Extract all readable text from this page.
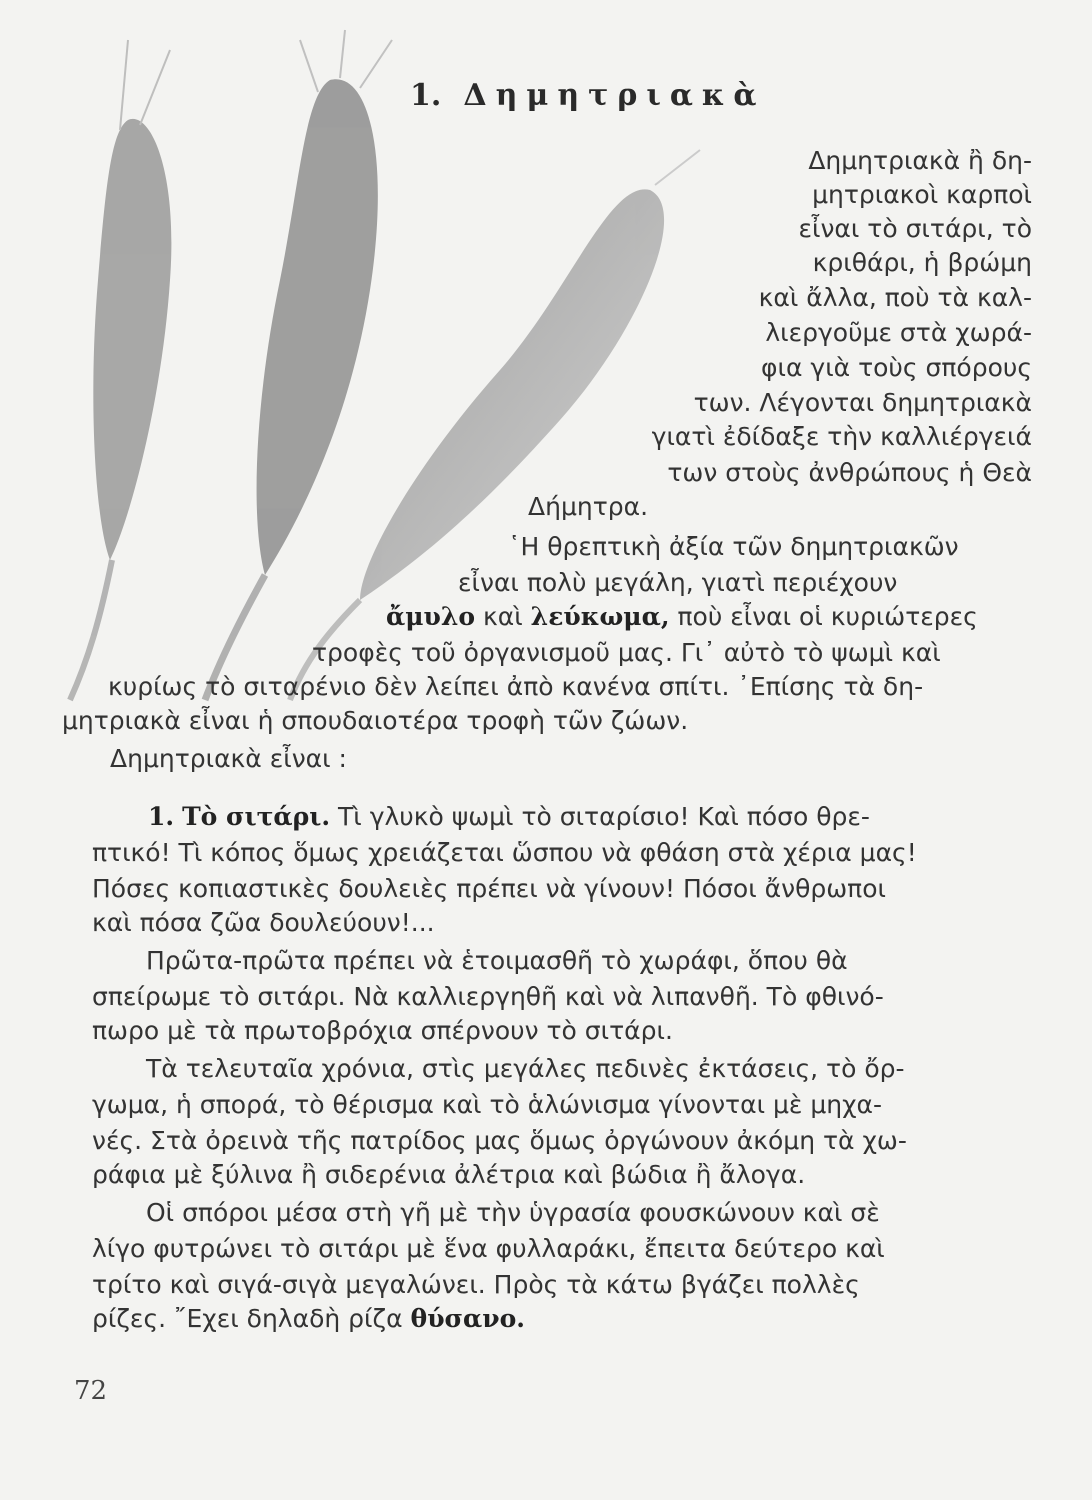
1. Δημητριακὰ
Δημητριακὰ ἢ δη-
μητριακοὶ καρποὶ
εἶναι τὸ σιτάρι, τὸ
κριθάρι, ἡ βρώμη
καὶ ἄλλα, ποὺ τὰ καλ-
λιεργοῦμε στὰ χωρά-
φια γιὰ τοὺς σπόρους
των. Λέγονται δημητριακὰ
γιατὶ ἐδίδαξε τὴν καλλιέργειά
των στοὺς ἀνθρώπους ἡ Θεὰ
Δήμητρα.
῾Η θρεπτικὴ ἀξία τῶν δημητριακῶν
εἶναι πολὺ μεγάλη, γιατὶ περιέχουν
ἄμυλο καὶ λεύκωμα, ποὺ εἶναι οἱ κυριώτερες
τροφὲς τοῦ ὀργανισμοῦ μας. Γι᾽ αὐτὸ τὸ ψωμὶ καὶ
κυρίως τὸ σιταρένιο δὲν λείπει ἀπὸ κανένα σπίτι. ᾽Επίσης τὰ δη-
μητριακὰ εἶναι ἡ σπουδαιοτέρα τροφὴ τῶν ζώων.
Δημητριακὰ εἶναι :
1. Τὸ σιτάρι. Τὶ γλυκὸ ψωμὶ τὸ σιταρίσιο! Καὶ πόσο θρε-
πτικό! Τὶ κόπος ὅμως χρειάζεται ὥσπου νὰ φθάση στὰ χέρια μας!
Πόσες κοπιαστικὲς δουλειὲς πρέπει νὰ γίνουν! Πόσοι ἄνθρωποι
καὶ πόσα ζῶα δουλεύουν!...
Πρῶτα-πρῶτα πρέπει νὰ ἑτοιμασθῆ τὸ χωράφι, ὅπου θὰ
σπείρωμε τὸ σιτάρι. Νὰ καλλιεργηθῆ καὶ νὰ λιπανθῆ. Τὸ φθινό-
πωρο μὲ τὰ πρωτοβρόχια σπέρνουν τὸ σιτάρι.
Τὰ τελευταῖα χρόνια, στὶς μεγάλες πεδινὲς ἐκτάσεις, τὸ ὄρ-
γωμα, ἡ σπορά, τὸ θέρισμα καὶ τὸ ἁλώνισμα γίνονται μὲ μηχα-
νές. Στὰ ὀρεινὰ τῆς πατρίδος μας ὅμως ὀργώνουν ἀκόμη τὰ χω-
ράφια μὲ ξύλινα ἢ σιδερένια ἀλέτρια καὶ βώδια ἢ ἄλογα.
Οἱ σπόροι μέσα στὴ γῆ μὲ τὴν ὑγρασία φουσκώνουν καὶ σὲ
λίγο φυτρώνει τὸ σιτάρι μὲ ἕνα φυλλαράκι, ἔπειτα δεύτερο καὶ
τρίτο καὶ σιγά-σιγὰ μεγαλώνει. Πρὸς τὰ κάτω βγάζει πολλὲς
ρίζες. ῎Εχει δηλαδὴ ρίζα θύσανο.
72
